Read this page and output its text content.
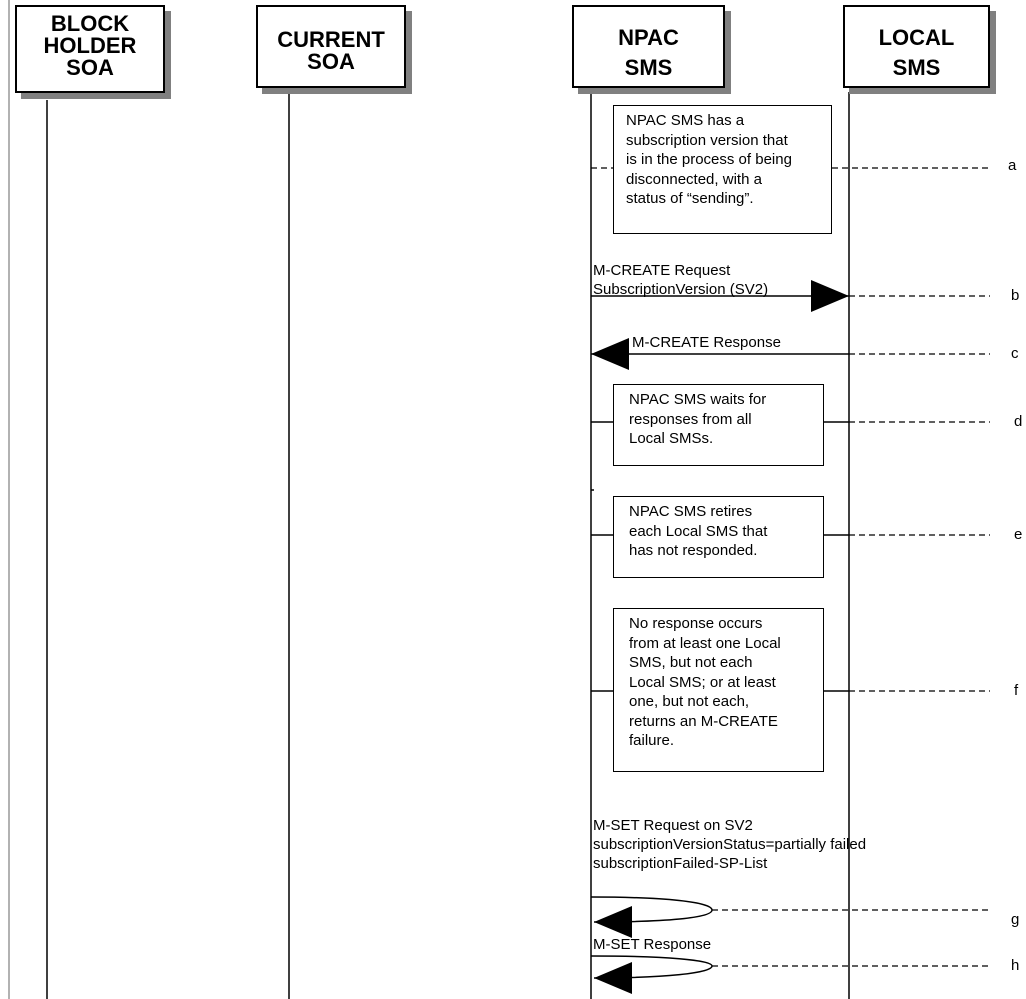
BLOCK
HOLDER
SOA
CURRENT
SOA
NPAC
SMS
LOCAL
SMS
NPAC SMS has a
subscription version that
is in the process of being
disconnected, with a
status of “sending”.
NPAC SMS waits for
responses from all
Local SMSs.
NPAC SMS retires
each Local SMS that
has not responded.
No response occurs
from at least one Local
SMS, but not each
Local SMS; or at least
one, but not each,
returns an M-CREATE
failure.
M-CREATE Request
SubscriptionVersion (SV2)
M-CREATE Response
M-SET Request on SV2
subscriptionVersionStatus=partially failed
subscriptionFailed-SP-List
M-SET Response
a
b
c
d
e
f
g
h
